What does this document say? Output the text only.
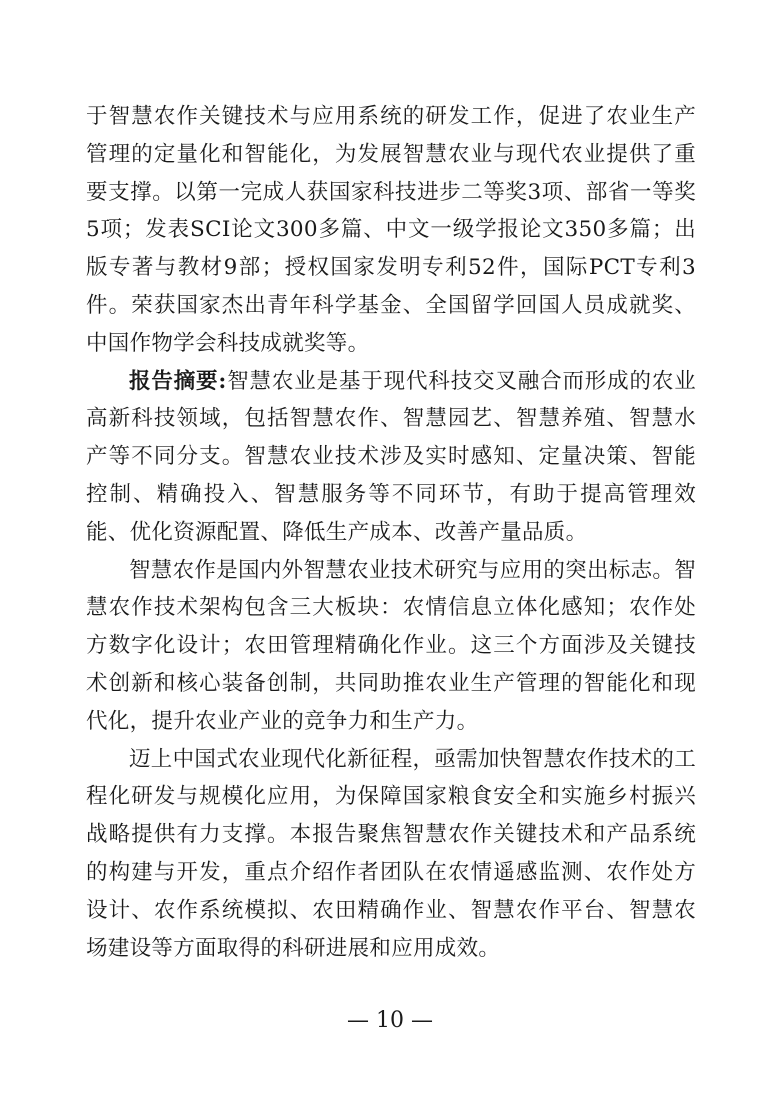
于智慧农作关键技术与应用系统的研发工作，促进了农业生产管理的定量化和智能化，为发展智慧农业与现代农业提供了重要支撑。以第一完成人获国家科技进步二等奖3项、部省一等奖5项；发表SCI论文300多篇、中文一级学报论文350多篇；出版专著与教材9部；授权国家发明专利52件，国际PCT专利3件。荣获国家杰出青年科学基金、全国留学回国人员成就奖、中国作物学会科技成就奖等。

报告摘要:智慧农业是基于现代科技交叉融合而形成的农业高新科技领域，包括智慧农作、智慧园艺、智慧养殖、智慧水产等不同分支。智慧农业技术涉及实时感知、定量决策、智能控制、精确投入、智慧服务等不同环节，有助于提高管理效能、优化资源配置、降低生产成本、改善产量品质。

智慧农作是国内外智慧农业技术研究与应用的突出标志。智慧农作技术架构包含三大板块：农情信息立体化感知；农作处方数字化设计；农田管理精确化作业。这三个方面涉及关键技术创新和核心装备创制，共同助推农业生产管理的智能化和现代化，提升农业产业的竞争力和生产力。

迈上中国式农业现代化新征程，亟需加快智慧农作技术的工程化研发与规模化应用，为保障国家粮食安全和实施乡村振兴战略提供有力支撑。本报告聚焦智慧农作关键技术和产品系统的构建与开发，重点介绍作者团队在农情遥感监测、农作处方设计、农作系统模拟、农田精确作业、智慧农作平台、智慧农场建设等方面取得的科研进展和应用成效。

— 10 —
